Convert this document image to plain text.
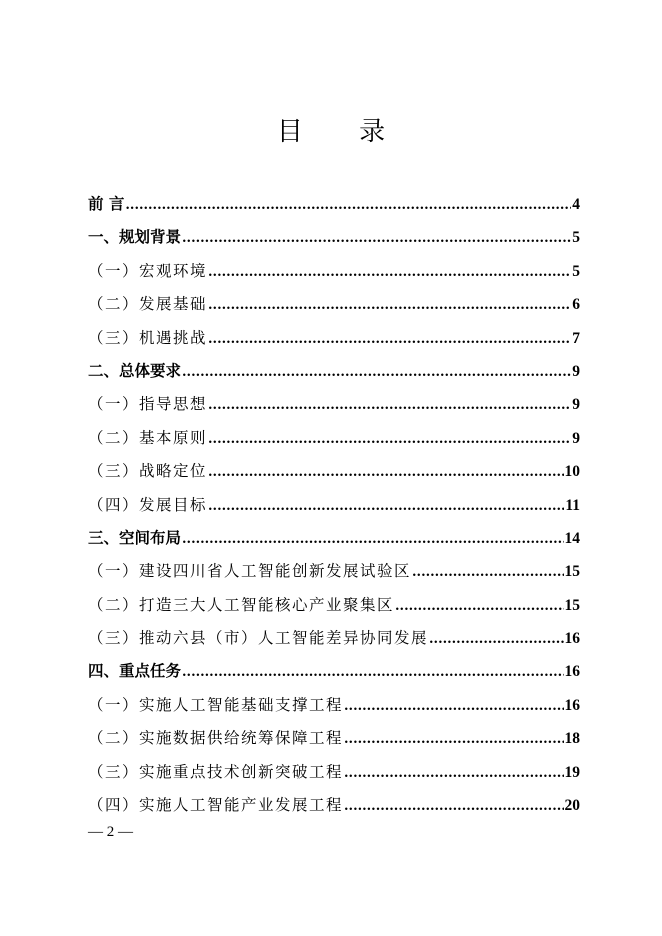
目 录
前 言 .....	4
一、规划背景 .....	5
（一）宏观环境 .....	5
（二）发展基础 .....	6
（三）机遇挑战 .....	7
二、总体要求 .....	9
（一）指导思想 .....	9
（二）基本原则 .....	9
（三）战略定位 .....	10
（四）发展目标 .....	11
三、空间布局 .....	14
（一）建设四川省人工智能创新发展试验区 .....	15
（二）打造三大人工智能核心产业聚集区 .....	15
（三）推动六县（市）人工智能差异协同发展 .....	16
四、重点任务 .....	16
（一）实施人工智能基础支撑工程 .....	16
（二）实施数据供给统筹保障工程 .....	18
（三）实施重点技术创新突破工程 .....	19
（四）实施人工智能产业发展工程 .....	20
— 2 —
